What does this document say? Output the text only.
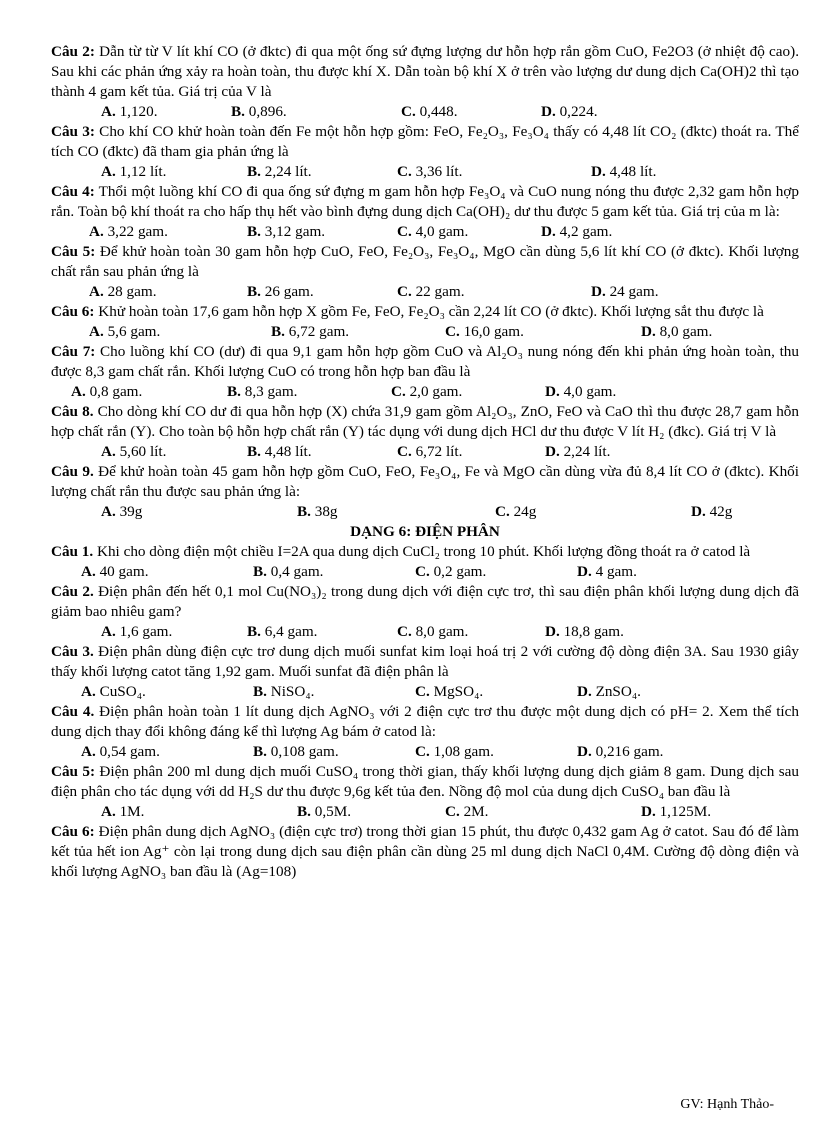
Câu 2: Dẫn từ từ V lít khí CO (ở đktc) đi qua một ống sứ đựng lượng dư hỗn hợp rắn gồm CuO, Fe2O3 (ở nhiệt độ cao). Sau khi các phản ứng xảy ra hoàn toàn, thu được khí X. Dẫn toàn bộ khí X ở trên vào lượng dư dung dịch Ca(OH)2 thì tạo thành 4 gam kết tủa. Giá trị của V là
A. 1,120.	B. 0,896.	C. 0,448.	D. 0,224.
Câu 3: Cho khí CO khử hoàn toàn đến Fe một hỗn hợp gồm: FeO, Fe₂O₃, Fe₃O₄ thấy có 4,48 lít CO₂ (đktc) thoát ra. Thể tích CO (đktc) đã tham gia phản ứng là
A. 1,12 lít.	B. 2,24 lít.	C. 3,36 lít.	D. 4,48 lít.
Câu 4: Thổi một luồng khí CO đi qua ống sứ đựng m gam hỗn hợp Fe₃O₄ và CuO nung nóng thu được 2,32 gam hỗn hợp rắn. Toàn bộ khí thoát ra cho hấp thụ hết vào bình đựng dung dịch Ca(OH)₂ dư thu được 5 gam kết tủa. Giá trị của m là:
A. 3,22 gam.	B. 3,12 gam.	C. 4,0 gam.	D. 4,2 gam.
Câu 5: Để khử hoàn toàn 30 gam hỗn hợp CuO, FeO, Fe₂O₃, Fe₃O₄, MgO cần dùng 5,6 lít khí CO (ở đktc). Khối lượng chất rắn sau phản ứng là
A. 28 gam.	B. 26 gam.	C. 22 gam.	D. 24 gam.
Câu 6: Khử hoàn toàn 17,6 gam hỗn hợp X gồm Fe, FeO, Fe₂O₃ cần 2,24 lít CO (ở đktc). Khối lượng sắt thu được là
A. 5,6 gam.	B. 6,72 gam.	C. 16,0 gam.	D. 8,0 gam.
Câu 7: Cho luồng khí CO (dư) đi qua 9,1 gam hỗn hợp gồm CuO và Al₂O₃ nung nóng đến khi phản ứng hoàn toàn, thu được 8,3 gam chất rắn. Khối lượng CuO có trong hỗn hợp ban đầu là
A. 0,8 gam.	B. 8,3 gam.	C. 2,0 gam.	D. 4,0 gam.
Câu 8. Cho dòng khí CO dư đi qua hỗn hợp (X) chứa 31,9 gam gồm Al₂O₃, ZnO, FeO và CaO thì thu được 28,7 gam hỗn hợp chất rắn (Y). Cho toàn bộ hỗn hợp chất rắn (Y) tác dụng với dung dịch HCl dư thu được V lít H₂ (đkc). Giá trị V là
A. 5,60 lít.	B. 4,48 lít.	C. 6,72 lít.	D. 2,24 lít.
Câu 9. Để khử hoàn toàn 45 gam hỗn hợp gồm CuO, FeO, Fe₃O₄, Fe và MgO cần dùng vừa đủ 8,4 lít CO ở (đktc). Khối lượng chất rắn thu được sau phản ứng là:
A. 39g	B. 38g	C. 24g	D. 42g
DẠNG 6: ĐIỆN PHÂN
Câu 1. Khi cho dòng điện một chiều I=2A qua dung dịch CuCl₂ trong 10 phút. Khối lượng đồng thoát ra ở catod là
A. 40 gam.	B. 0,4 gam.	C. 0,2 gam.	D. 4 gam.
Câu 2. Điện phân đến hết 0,1 mol Cu(NO₃)₂ trong dung dịch với điện cực trơ, thì sau điện phân khối lượng dung dịch đã giảm bao nhiêu gam?
A. 1,6 gam.	B. 6,4 gam.	C. 8,0 gam.	D. 18,8 gam.
Câu 3. Điện phân dùng điện cực trơ dung dịch muối sunfat kim loại hoá trị 2 với cường độ dòng điện 3A. Sau 1930 giây thấy khối lượng catot tăng 1,92 gam. Muối sunfat đã điện phân là
A. CuSO₄.	B. NiSO₄.	C. MgSO₄.	D. ZnSO₄.
Câu 4. Điện phân hoàn toàn 1 lít dung dịch AgNO₃ với 2 điện cực trơ thu được một dung dịch có pH= 2. Xem thể tích dung dịch thay đổi không đáng kể thì lượng Ag bám ở catod là:
A. 0,54 gam.	B. 0,108 gam.	C. 1,08 gam.	D. 0,216 gam.
Câu 5: Điện phân 200 ml dung dịch muối CuSO₄ trong thời gian, thấy khối lượng dung dịch giảm 8 gam. Dung dịch sau điện phân cho tác dụng với dd H₂S dư thu được 9,6g kết tủa đen. Nồng độ mol của dung dịch CuSO₄ ban đầu là
A. 1M.	B. 0,5M.	C. 2M.	D. 1,125M.
Câu 6: Điện phân dung dịch AgNO₃ (điện cực trơ) trong thời gian 15 phút, thu được 0,432 gam Ag ở catot. Sau đó để làm kết tủa hết ion Ag⁺ còn lại trong dung dịch sau điện phân cần dùng 25 ml dung dịch NaCl 0,4M. Cường độ dòng điện và khối lượng AgNO₃ ban đầu là (Ag=108)
GV: Hạnh Thảo-
